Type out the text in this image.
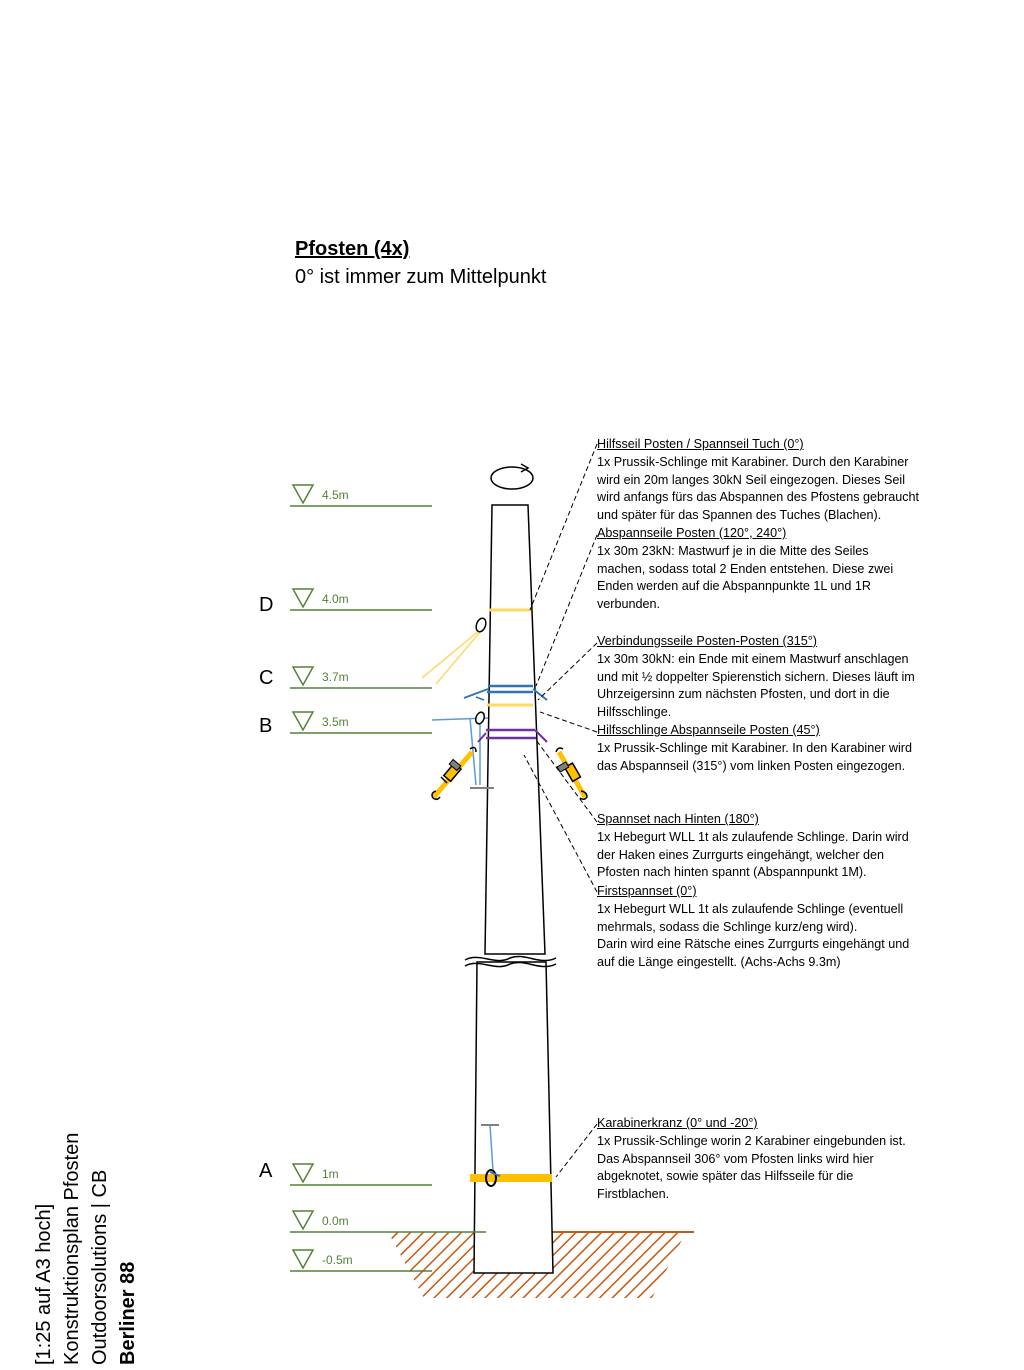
Pfosten (4x)
0° ist immer zum Mittelpunkt
4.5m
4.0m
3.7m
3.5m
1m
0.0m
-0.5m
D
C
B
A
Hilfsseil Posten / Spannseil Tuch (0°)
1x Prussik-Schlinge mit Karabiner. Durch den Karabiner
wird ein 20m langes 30kN Seil eingezogen. Dieses Seil
wird anfangs fürs das Abspannen des Pfostens gebraucht
und später für das Spannen des Tuches (Blachen).
Abspannseile Posten (120°, 240°)
1x 30m 23kN: Mastwurf je in die Mitte des Seiles
machen, sodass total 2 Enden entstehen. Diese zwei
Enden werden auf die Abspannpunkte 1L und 1R
verbunden.
Verbindungsseile Posten-Posten (315°)
1x 30m 30kN: ein Ende mit einem Mastwurf anschlagen
und mit ½ doppelter Spierenstich sichern. Dieses läuft im
Uhrzeigersinn zum nächsten Pfosten, und dort in die
Hilfsschlinge.
Hilfsschlinge Abspannseile Posten (45°)
1x Prussik-Schlinge mit Karabiner. In den Karabiner wird
das Abspannseil (315°) vom linken Posten eingezogen.
Spannset nach Hinten (180°)
1x Hebegurt WLL 1t als zulaufende Schlinge. Darin wird
der Haken eines Zurrgurts eingehängt, welcher den
Pfosten nach hinten spannt (Abspannpunkt 1M).
Firstspannset (0°)
1x Hebegurt WLL 1t als zulaufende Schlinge (eventuell
mehrmals, sodass die Schlinge kurz/eng wird).
Darin wird eine Rätsche eines Zurrgurts eingehängt und
auf die Länge eingestellt. (Achs-Achs 9.3m)
Karabinerkranz (0° und -20°)
1x Prussik-Schlinge worin 2 Karabiner eingebunden ist.
Das Abspannseil 306° vom Pfosten links wird hier
abgeknotet, sowie später das Hilfsseile für die
Firstblachen.
[1:25 auf A3 hoch] Konstruktionsplan Pfosten Outdoorsolutions | CB Berliner 88
